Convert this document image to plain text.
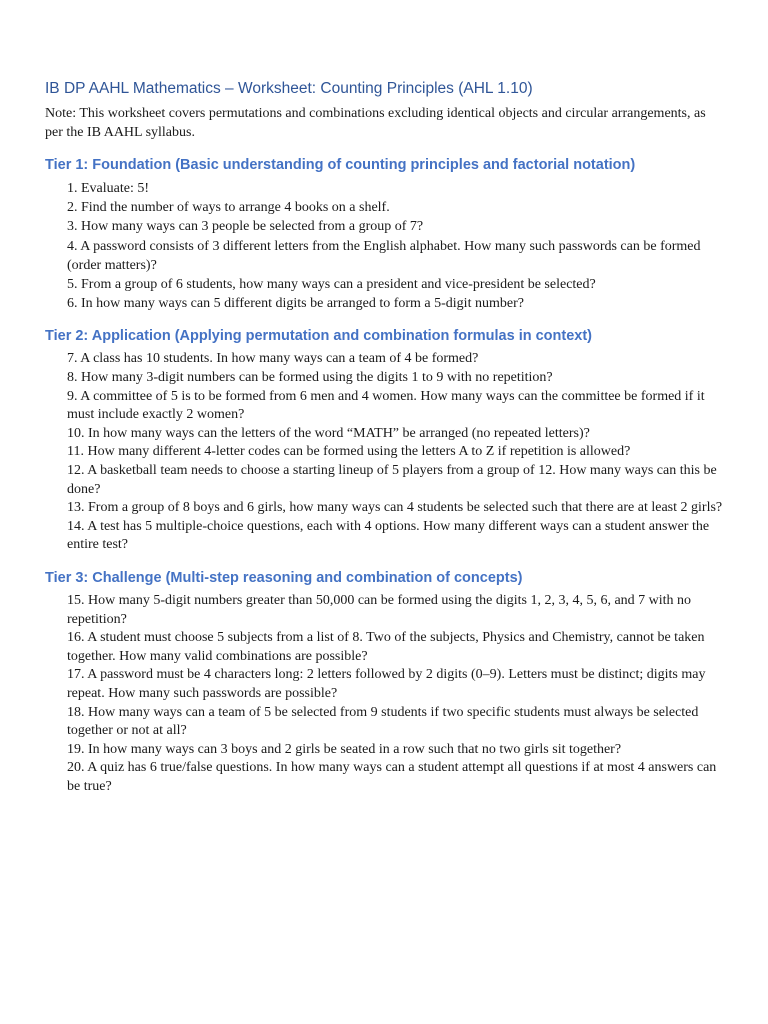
IB DP AAHL Mathematics – Worksheet: Counting Principles (AHL 1.10)

Note: This worksheet covers permutations and combinations excluding identical objects and circular arrangements, as per the IB AAHL syllabus.

Tier 1: Foundation (Basic understanding of counting principles and factorial notation)
1. Evaluate: 5!
2. Find the number of ways to arrange 4 books on a shelf.
3. How many ways can 3 people be selected from a group of 7?
4. A password consists of 3 different letters from the English alphabet. How many such passwords can be formed (order matters)?
5. From a group of 6 students, how many ways can a president and vice-president be selected?
6. In how many ways can 5 different digits be arranged to form a 5-digit number?
Tier 2: Application (Applying permutation and combination formulas in context)
7. A class has 10 students. In how many ways can a team of 4 be formed?
8. How many 3-digit numbers can be formed using the digits 1 to 9 with no repetition?
9. A committee of 5 is to be formed from 6 men and 4 women. How many ways can the committee be formed if it must include exactly 2 women?
10. In how many ways can the letters of the word “MATH” be arranged (no repeated letters)?
11. How many different 4-letter codes can be formed using the letters A to Z if repetition is allowed?
12. A basketball team needs to choose a starting lineup of 5 players from a group of 12. How many ways can this be done?
13. From a group of 8 boys and 6 girls, how many ways can 4 students be selected such that there are at least 2 girls?
14. A test has 5 multiple-choice questions, each with 4 options. How many different ways can a student answer the entire test?
Tier 3: Challenge (Multi-step reasoning and combination of concepts)
15. How many 5-digit numbers greater than 50,000 can be formed using the digits 1, 2, 3, 4, 5, 6, and 7 with no repetition?
16. A student must choose 5 subjects from a list of 8. Two of the subjects, Physics and Chemistry, cannot be taken together. How many valid combinations are possible?
17. A password must be 4 characters long: 2 letters followed by 2 digits (0–9). Letters must be distinct; digits may repeat. How many such passwords are possible?
18. How many ways can a team of 5 be selected from 9 students if two specific students must always be selected together or not at all?
19. In how many ways can 3 boys and 2 girls be seated in a row such that no two girls sit together?
20. A quiz has 6 true/false questions. In how many ways can a student attempt all questions if at most 4 answers can be true?
